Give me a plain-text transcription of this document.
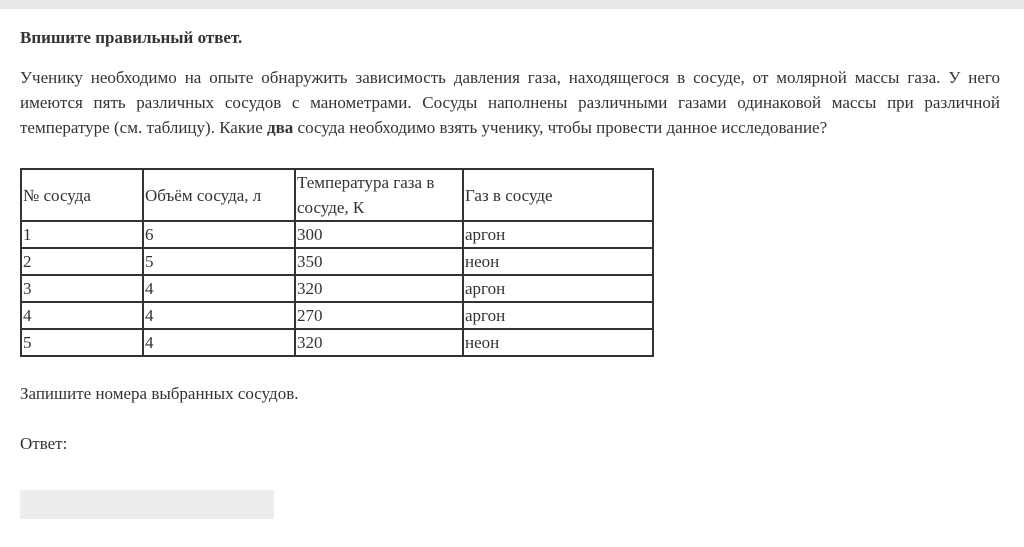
Впишите правильный ответ.

Ученику необходимо на опыте обнаружить зависимость давления газа, находящегося в сосуде, от молярной массы газа. У него имеются пять различных сосудов с манометрами. Сосуды наполнены различными газами одинаковой массы при различной температуре (см. таблицу). Какие два сосуда необходимо взять ученику, чтобы провести данное исследование?

№ сосуда	Объём сосуда, л	Температура газа в сосуде, К	Газ в сосуде
1	6	300	аргон
2	5	350	неон
3	4	320	аргон
4	4	270	аргон
5	4	320	неон

Запишите номера выбранных сосудов.

Ответ:
